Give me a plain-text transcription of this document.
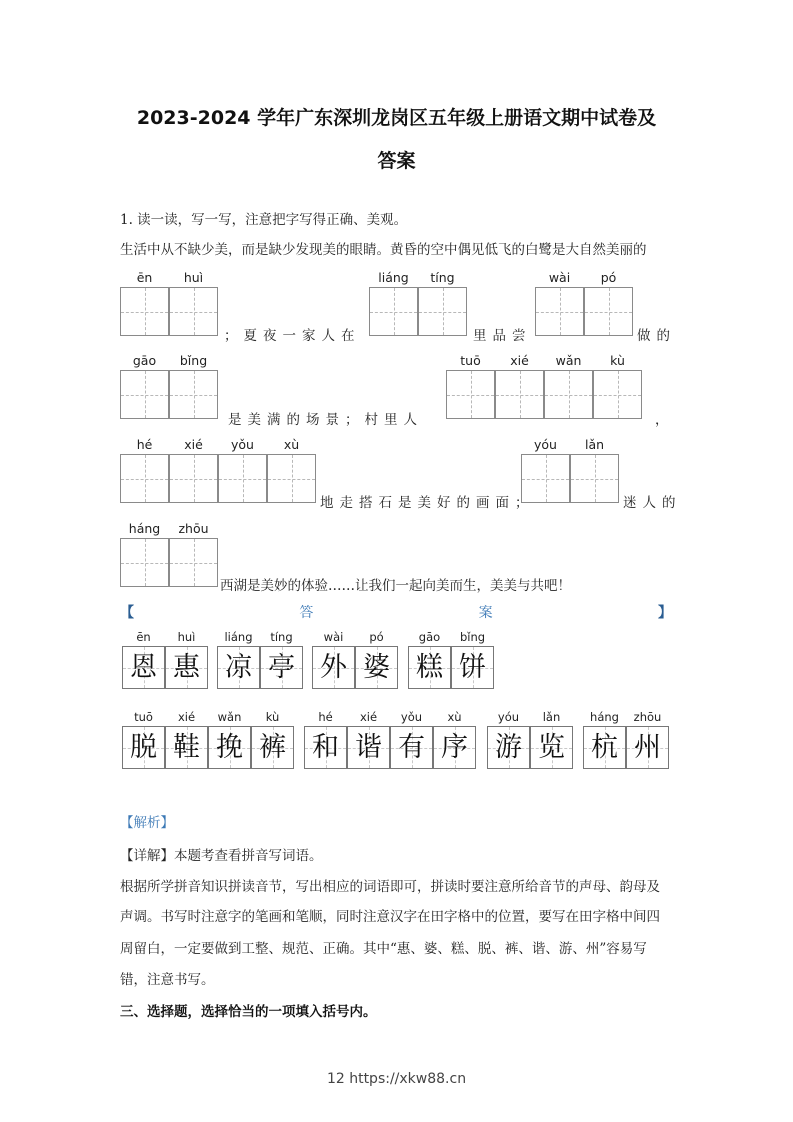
2023-2024 学年广东深圳龙岗区五年级上册语文期中试卷及
答案
1. 读一读，写一写，注意把字写得正确、美观。
生活中从不缺少美，而是缺少发现美的眼睛。黄昏的空中偶见低飞的白鹭是大自然美丽的
ēn	huì
；夏夜一家人在
liáng	tíng
里品尝
wài	pó
做的
gāo	bǐng
是美满的场景；村里人
tuō	xié	wǎn	kù
，
hé	xié	yǒu	xù
地走搭石是美好的画面；
yóu	lǎn
迷人的
háng	zhōu
西湖是美妙的体验……让我们一起向美而生，美美与共吧！
【	答	案	】
ēn	huì
恩 惠
liáng	tíng
凉 亭
wài	pó
外 婆
gāo	bǐng
糕 饼
tuō	xié	wǎn	kù
脱 鞋 挽 裤
hé	xié	yǒu	xù
和 谐 有 序
yóu	lǎn
游 览
háng	zhōu
杭 州
【解析】
【详解】本题考查看拼音写词语。
根据所学拼音知识拼读音节，写出相应的词语即可，拼读时要注意所给音节的声母、韵母及
声调。书写时注意字的笔画和笔顺，同时注意汉字在田字格中的位置，要写在田字格中间四
周留白，一定要做到工整、规范、正确。其中“惠、婆、糕、脱、裤、谐、游、州”容易写
错，注意书写。
三、选择题，选择恰当的一项填入括号内。
12 https://xkw88.cn
